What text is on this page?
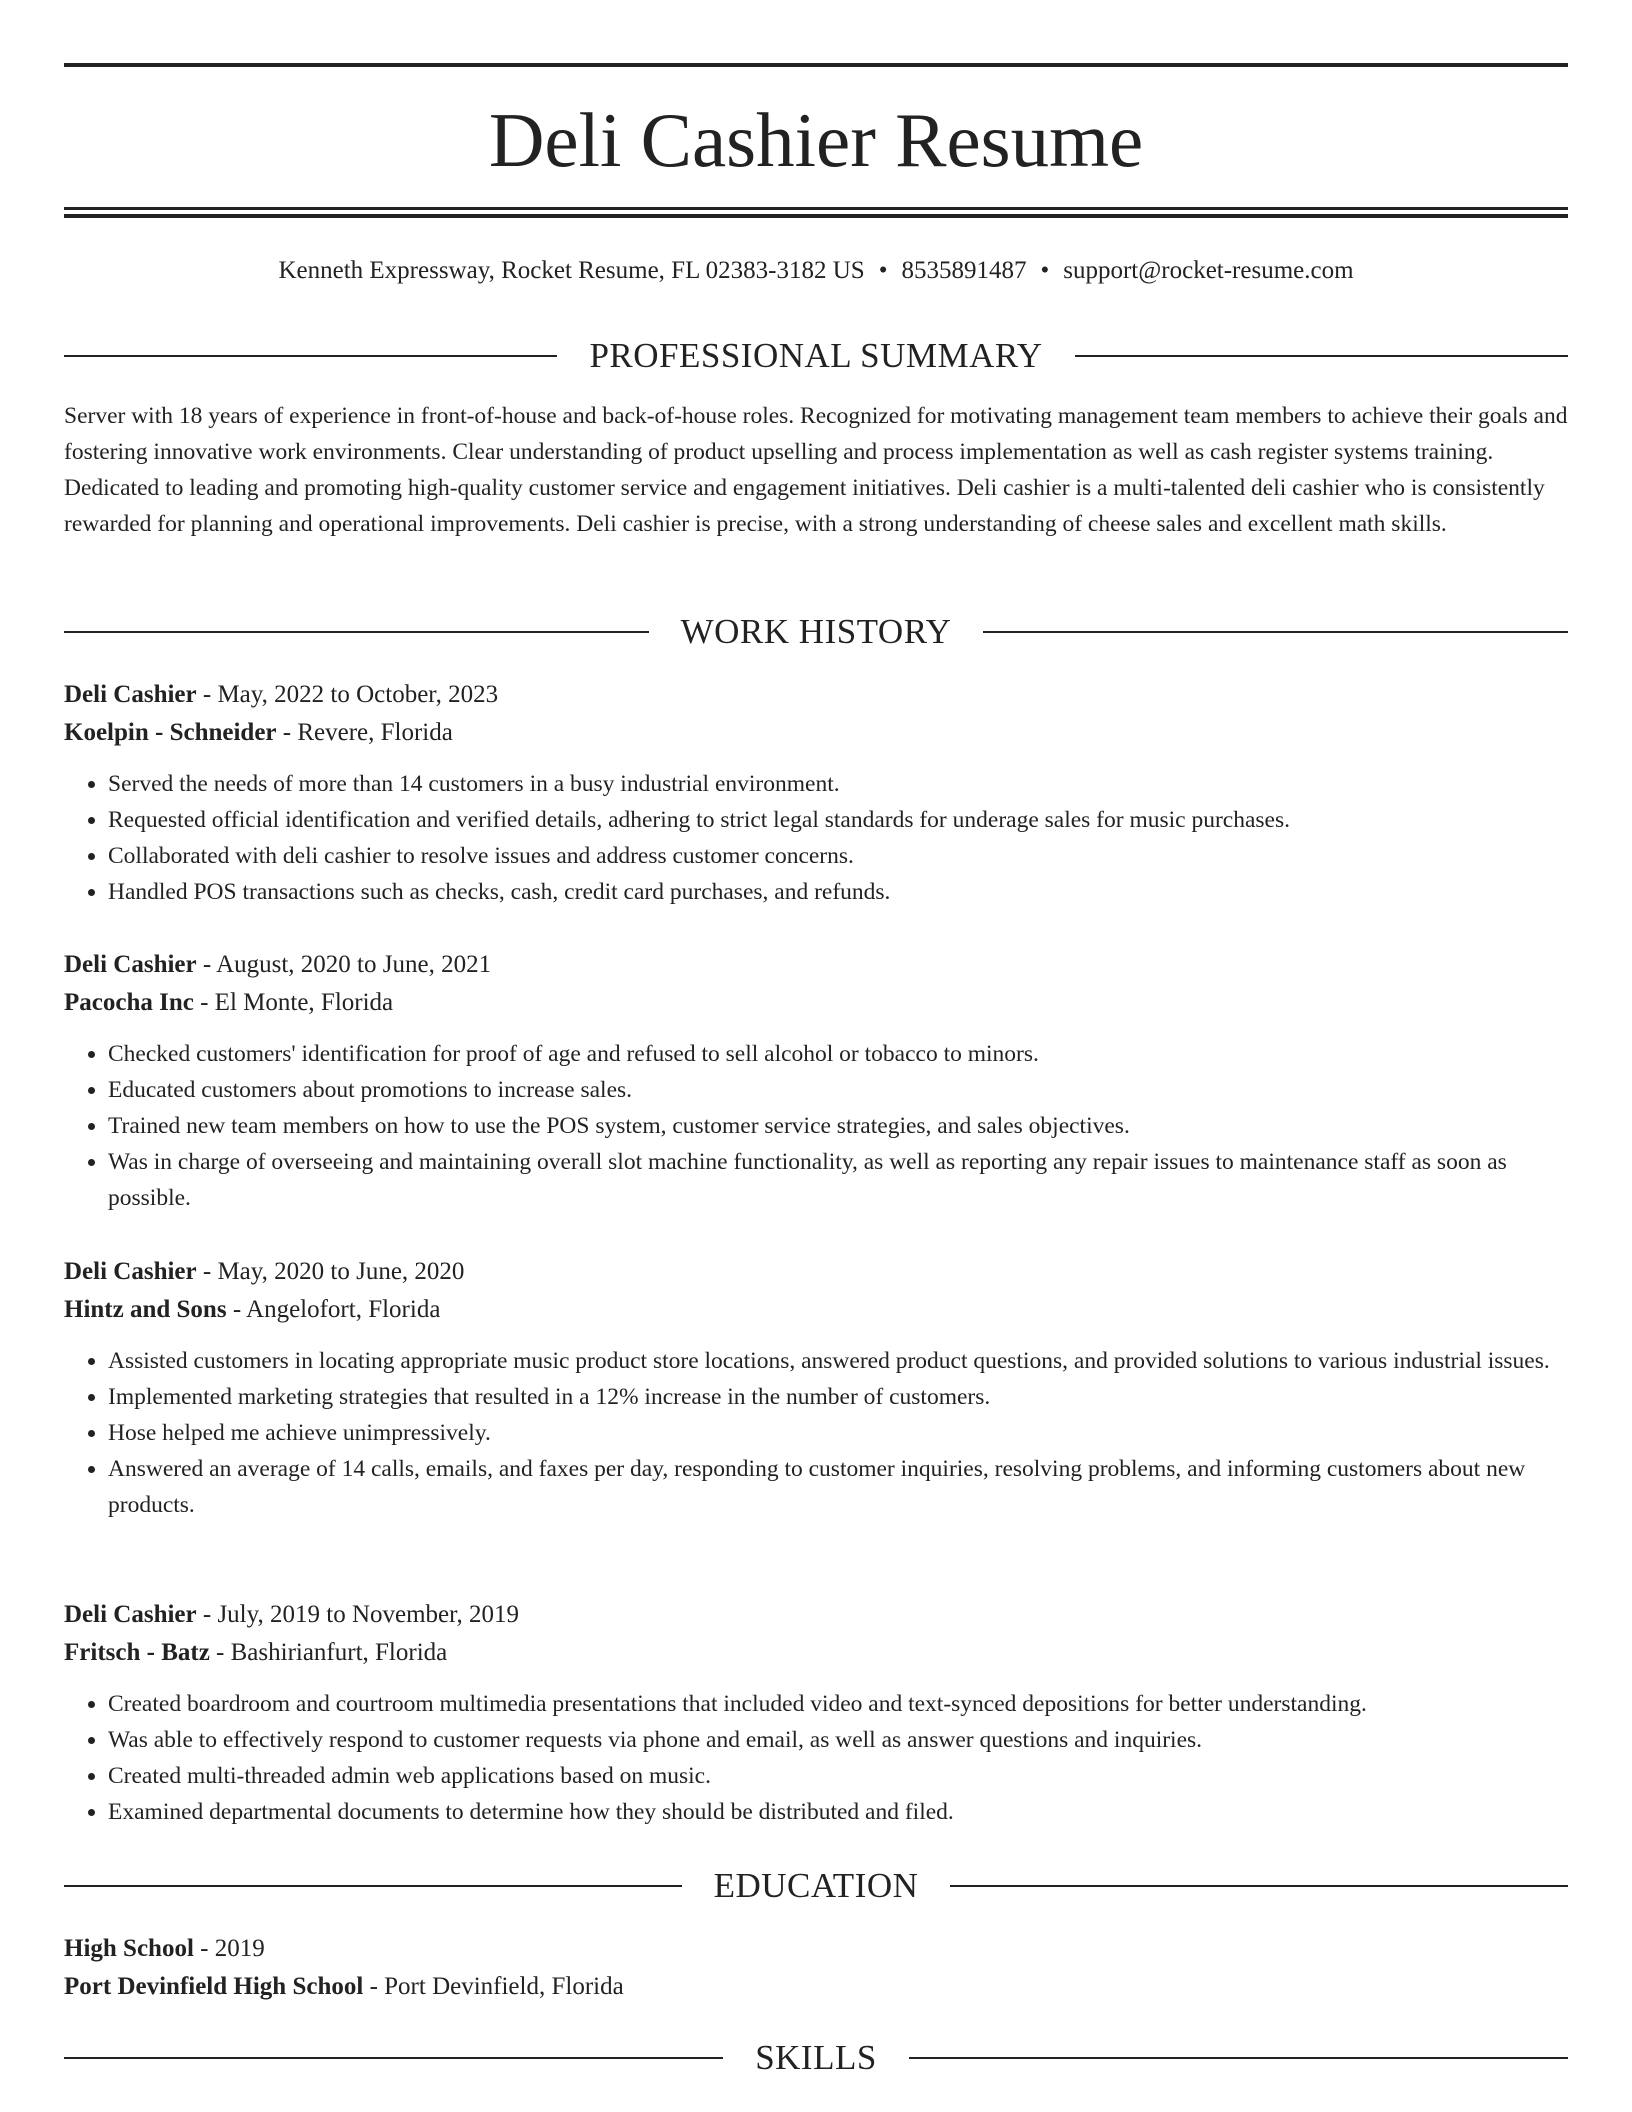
Deli Cashier Resume
Kenneth Expressway, Rocket Resume, FL 02383-3182 US • 8535891487 • support@rocket-resume.com
PROFESSIONAL SUMMARY

Server with 18 years of experience in front-of-house and back-of-house roles. Recognized for motivating management team members to achieve their goals and fostering innovative work environments. Clear understanding of product upselling and process implementation as well as cash register systems training. Dedicated to leading and promoting high-quality customer service and engagement initiatives. Deli cashier is a multi-talented deli cashier who is consistently rewarded for planning and operational improvements. Deli cashier is precise, with a strong understanding of cheese sales and excellent math skills.

WORK HISTORY
Deli Cashier - May, 2022 to October, 2023
Koelpin - Schneider - Revere, Florida
• Served the needs of more than 14 customers in a busy industrial environment.
• Requested official identification and verified details, adhering to strict legal standards for underage sales for music purchases.
• Collaborated with deli cashier to resolve issues and address customer concerns.
• Handled POS transactions such as checks, cash, credit card purchases, and refunds.
Deli Cashier - August, 2020 to June, 2021
Pacocha Inc - El Monte, Florida
• Checked customers' identification for proof of age and refused to sell alcohol or tobacco to minors.
• Educated customers about promotions to increase sales.
• Trained new team members on how to use the POS system, customer service strategies, and sales objectives.
• Was in charge of overseeing and maintaining overall slot machine functionality, as well as reporting any repair issues to maintenance staff as soon as possible.
Deli Cashier - May, 2020 to June, 2020
Hintz and Sons - Angelofort, Florida
• Assisted customers in locating appropriate music product store locations, answered product questions, and provided solutions to various industrial issues.
• Implemented marketing strategies that resulted in a 12% increase in the number of customers.
• Hose helped me achieve unimpressively.
• Answered an average of 14 calls, emails, and faxes per day, responding to customer inquiries, resolving problems, and informing customers about new products.
Deli Cashier - July, 2019 to November, 2019
Fritsch - Batz - Bashirianfurt, Florida
• Created boardroom and courtroom multimedia presentations that included video and text-synced depositions for better understanding.
• Was able to effectively respond to customer requests via phone and email, as well as answer questions and inquiries.
• Created multi-threaded admin web applications based on music.
• Examined departmental documents to determine how they should be distributed and filed.
EDUCATION
High School - 2019
Port Devinfield High School - Port Devinfield, Florida
SKILLS
